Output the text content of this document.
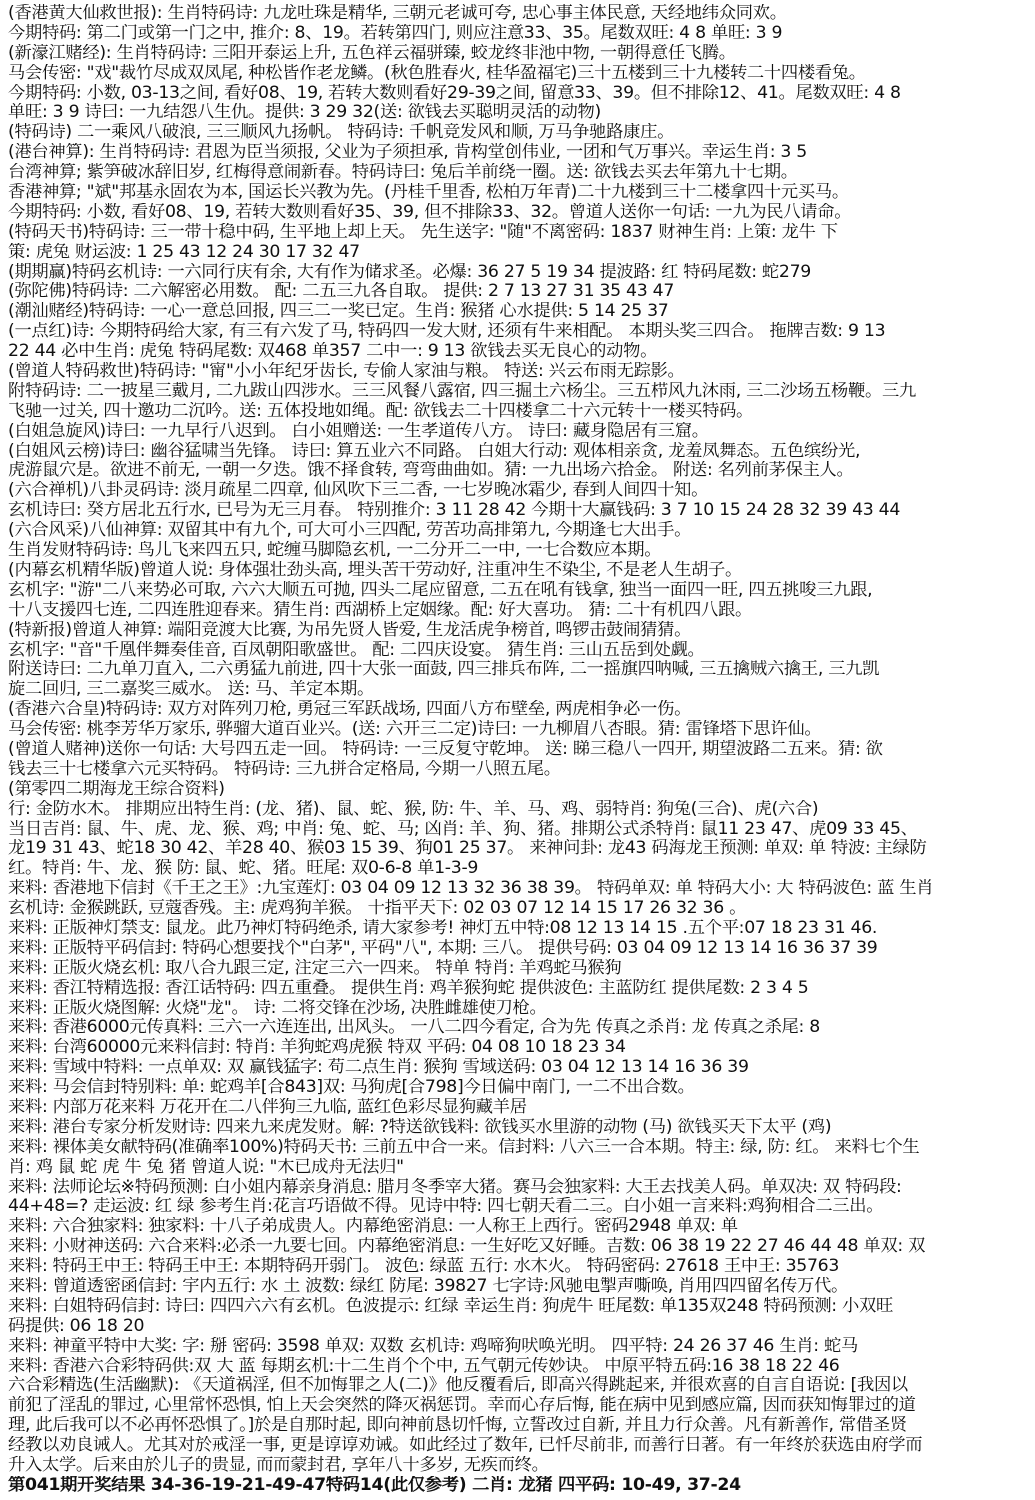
(香港黄大仙救世报): 生肖特码诗: 九龙吐珠是精华, 三朝元老诚可夸, 忠心事主体民意, 天经地纬众同欢。
今期特码: 第二门或第一门之中, 推介: 8、19。若转第四门, 则应注意33、35。尾数双旺: 4 8 单旺: 3 9
(新濠江赌经): 生肖特码诗: 三阳开泰运上升, 五色祥云福骈臻, 蛟龙终非池中物, 一朝得意任飞腾。
马会传密: "戏"裁竹尽成双凤尾, 种松皆作老龙鳞。(秋色胜春火, 桂华盈福宅)三十五楼到三十九楼转二十四楼看兔。
今期特码: 小数, 03-13之间, 看好08、19, 若转大数则看好29-39之间, 留意33、39。但不排除12、41。尾数双旺: 4 8
单旺: 3 9 诗曰: 一九结怨八生仇。提供: 3 29 32(送: 欲钱去买聪明灵活的动物)
(特码诗) 二一乘风八破浪, 三三顺风九扬帆。 特码诗: 千帆竞发风和顺, 万马争驰路康庄。
(港台神算): 生肖特码诗: 君恩为臣当须报, 父业为子须担承, 肯构堂创伟业, 一团和气万事兴。幸运生肖: 3 5
台湾神算; 紫笋破冰辞旧岁, 红梅得意闹新春。特码诗曰: 兔后羊前绕一圈。送: 欲钱去买去年第九十七期。
香港神算; "斌"邦基永固农为本, 国运长兴教为先。(丹桂千里香, 松柏万年青)二十九楼到三十二楼拿四十元买马。
今期特码: 小数, 看好08、19, 若转大数则看好35、39, 但不排除33、32。曾道人送你一句话: 一九为民八请命。
(特码天书)特码诗: 三一带十稳中码, 生平地上却上天。 先生送字: "随"不离密码: 1837 财神生肖: 上策: 龙牛 下
策: 虎兔 财运波: 1 25 43 12 24 30 17 32 47
(期期赢)特码玄机诗: 一六同行庆有余, 大有作为储求圣。必爆: 36 27 5 19 34 提波路: 红 特码尾数: 蛇279
(弥陀佛)特码诗: 二六解密必用数。 配: 二五三九各自取。 提供: 2 7 13 27 31 35 43 47
(潮汕赌经)特码诗: 一心一意总回报, 四三二一奖已定。生肖: 猴猪 心水提供: 5 14 25 37
(一点红)诗: 今期特码给大家, 有三有六发了马, 特码四一发大财, 还须有牛来相配。 本期头奖三四合。 拖牌吉数: 9 13
22 44 必中生肖: 虎兔 特码尾数: 双468 单357 二中一: 9 13 欲钱去买无良心的动物。
(曾道人特码救世)特码诗: "甯"小小年纪牙齿长, 专偷人家油与粮。 特送: 兴云布雨无踪影。
附特码诗: 二一披星三戴月, 二九跋山四涉水。三三风餐八露宿, 四三掘土六杨尘。三五栉风九沐雨, 三二沙场五杨鞭。三九
飞驰一过关, 四十邀功二沉吟。送: 五体投地如绳。配: 欲钱去二十四楼拿二十六元转十一楼买特码。
(白姐急旋风)诗曰: 一九早行八迟到。 白小姐赠送: 一生孝道传八方。 诗曰: 藏身隐居有三窟。
(白姐风云榜)诗曰: 幽谷猛啸当先锋。 诗曰: 算五业六不同路。 白姐大行动: 观体相亲贪, 龙羞凤舞态。五色缤纷光,
虎游鼠穴是。欲进不前无, 一朝一夕迭。饿不择食转, 弯弯曲曲如。猜: 一九出场六拾金。 附送: 名列前茅保主人。
(六合禅机)八卦灵码诗: 淡月疏星二四章, 仙风吹下三二香, 一七岁晚冰霜少, 春到人间四十知。
玄机诗曰: 癸方居北五行水, 已号为无三月春。 特别推介: 3 11 28 42 今期十大赢钱码: 3 7 10 15 24 28 32 39 43 44
(六合风采)八仙神算: 双留其中有九个, 可大可小三四配, 劳苦功高排第九, 今期逢七大出手。
生肖发财特码诗: 鸟儿飞来四五只, 蛇缠马脚隐玄机, 一二分开二一中, 一七合数应本期。
(内幕玄机精华版)曾道人说: 身体强壮劲头高, 埋头苦干劳动好, 注重冲生不染尘, 不是老人生胡子。
玄机字: "游"二八来势必可取, 六六大顺五可抛, 四头二尾应留意, 二五在吼有钱拿, 独当一面四一旺, 四五挑唆三九跟,
十八支援四七连, 二四连胜迎春来。猜生肖: 西湖桥上定姻缘。配: 好大喜功。 猜: 二十有机四八跟。
(特新报)曾道人神算: 端阳竞渡大比赛, 为吊先贤人皆爱, 生龙活虎争榜首, 鸣锣击鼓闹猜猜。
玄机字: "音"千凰伴舞奏佳音, 百凤朝阳歌盛世。 配: 二四庆设宴。 猜生肖: 三山五岳到处觑。
附送诗曰: 二九单刀直入, 二六勇猛九前进, 四十大张一面鼓, 四三排兵布阵, 二一摇旗四呐喊, 三五擒贼六擒王, 三九凯
旋二回归, 三二嘉奖三威水。 送: 马、羊定本期。
(香港六合皇)特码诗: 双方对阵列刀枪, 勇冠三军跃战场, 四面八方布壁垒, 两虎相争必一伤。
马会传密: 桃李芳华万家乐, 骅骝大道百业兴。(送: 六开三二定)诗曰: 一九柳眉八杏眼。猜: 雷锋塔下思许仙。
(曾道人赌神)送你一句话: 大号四五走一回。 特码诗: 一三反复守乾坤。 送: 睇三稳八一四开, 期望波路二五来。猜: 欲
钱去三十七楼拿六元买特码。 特码诗: 三九拼合定格局, 今期一八照五尾。
(第零四二期海龙王综合资料)
行: 金防水木。 排期应出特生肖: (龙、猪)、鼠、蛇、猴, 防: 牛、羊、马、鸡、弱特肖: 狗兔(三合)、虎(六合)
当日吉肖: 鼠、牛、虎、龙、猴、鸡; 中肖: 兔、蛇、马; 凶肖: 羊、狗、猪。排期公式杀特肖: 鼠11 23 47、虎09 33 45、
龙19 31 43、蛇18 30 42、羊28 40、猴03 15 39、狗01 25 37。 来神问卦: 龙43 码海龙王预测: 单双: 单 特波: 主绿防
红。特肖: 牛、龙、猴 防: 鼠、蛇、猪。旺尾: 双0-6-8 单1-3-9
来料: 香港地下信封《千王之王》:九宝莲灯: 03 04 09 12 13 32 36 38 39。 特码单双: 单 特码大小: 大 特码波色: 蓝 生肖
玄机诗: 金猴跳跃, 豆蔻香残。主: 虎鸡狗羊猴。 十指平天下: 02 03 07 12 14 15 17 26 32 36 。
来料: 正版神灯禁支: 鼠龙。此乃神灯特码绝杀, 请大家参考! 神灯五中特:08 12 13 14 15 .五个平:07 18 23 31 46.
来料: 正版特平码信封: 特码心想要找个"白茅", 平码"八", 本期: 三八。 提供号码: 03 04 09 12 13 14 16 36 37 39
来料: 正版火烧玄机: 取八合九跟三定, 注定三六一四来。 特单 特肖: 羊鸡蛇马猴狗
来料: 香江特精选报: 香江话特码: 四五重叠。 提供生肖: 鸡羊猴狗蛇 提供波色: 主蓝防红 提供尾数: 2 3 4 5
来料: 正版火烧图解: 火烧"龙"。 诗: 二将交锋在沙场, 决胜雌雄使刀枪。
来料: 香港6000元传真料: 三六一六连连出, 出风头。 一八二四今看定, 合为先 传真之杀肖: 龙 传真之杀尾: 8
来料: 台湾60000元来料信封: 特肖: 羊狗蛇鸡虎猴 特双 平码: 04 08 10 18 23 34
来料: 雪域中特料: 一点单双: 双 赢钱猛字: 苟二点生肖: 猴狗 雪域送码: 03 04 12 13 14 16 36 39
来料: 马会信封特别料: 单: 蛇鸡羊[合843]双: 马狗虎[合798]今日偏中南门, 一二不出合数。
来料: 内部万花来料 万花开在二八伴狗三九临, 蓝红色彩尽显狗藏羊居
来料: 港台专家分析发财诗: 四来九来虎发财。解: ?特送欲钱料: 欲钱买水里游的动物 (马) 欲钱买天下太平 (鸡)
来料: 裸体美女献特码(准确率100%)特码天书: 三前五中合一来。信封料: 八六三一合本期。特主: 绿, 防: 红。 来料七个生
肖: 鸡 鼠 蛇 虎 牛 兔 猪 曾道人说: "木已成舟无法归"
来料: 法师论坛※特码预测: 白小姐内幕亲身消息: 腊月冬季宰大猪。赛马会独家料: 大王去找美人码。单双决: 双 特码段:
44+48=? 走运波: 红 绿 参考生肖:花言巧语做不得。见诗中特: 四七朝天看二三。白小姐一言来料:鸡狗相合二三出。
来料: 六合独家料: 独家料: 十八子弟成贵人。内幕绝密消息: 一人称王上西行。密码2948 单双: 单
来料: 小财神送码: 六合来料:必杀一九要七回。内幕绝密消息: 一生好吃又好睡。吉数: 06 38 19 22 27 46 44 48 单双: 双
来料: 特码王中王: 特码王中王: 本期特码开弱门。 波色: 绿蓝 五行: 水木火。 特码密码: 27618 王中王: 35763
来料: 曾道透密函信封: 宇内五行: 水 土 波数: 绿红 防尾: 39827 七字诗:风驰电掣声嘶唤, 肖用四四留名传万代。
来料: 白姐特码信封: 诗曰: 四四六六有玄机。色波提示: 红绿 幸运生肖: 狗虎牛 旺尾数: 单135双248 特码预测: 小双旺
码提供: 06 18 20
来料: 神童平特中大奖: 字: 掰 密码: 3598 单双: 双数 玄机诗: 鸡啼狗吠唤光明。 四平特: 24 26 37 46 生肖: 蛇马
来料: 香港六合彩特码供:双 大 蓝 每期玄机:十二生肖个个中, 五气朝元传妙诀。 中原平特五码:16 38 18 22 46
六合彩精选(生活幽默): 《天道祸淫, 但不加悔罪之人(二)》他反覆看后, 即高兴得跳起来, 并很欢喜的自言自语说: [我因以
前犯了淫乱的罪过, 心里常怀恐惧, 怕上天会突然的降灭祸惩罚。幸而心存后悔, 能在病中见到感应篇, 因而获知悔罪过的道
理, 此后我可以不必再怀恐惧了。]於是自那时起, 即向神前恳切忏悔, 立誓改过自新, 并且力行众善。凡有新善作, 常借圣贤
经教以劝良诫人。尤其对於戒淫一事, 更是谆谆劝诫。如此经过了数年, 已忏尽前非, 而善行日著。有一年终於获选由府学而
升入太学。后来由於儿子的贵显, 而而蒙封君, 享年八十多岁, 无疾而终。
第041期开奖结果 34-36-19-21-49-47特码14(此仅参考) 二肖: 龙猪 四平码: 10-49, 37-24
